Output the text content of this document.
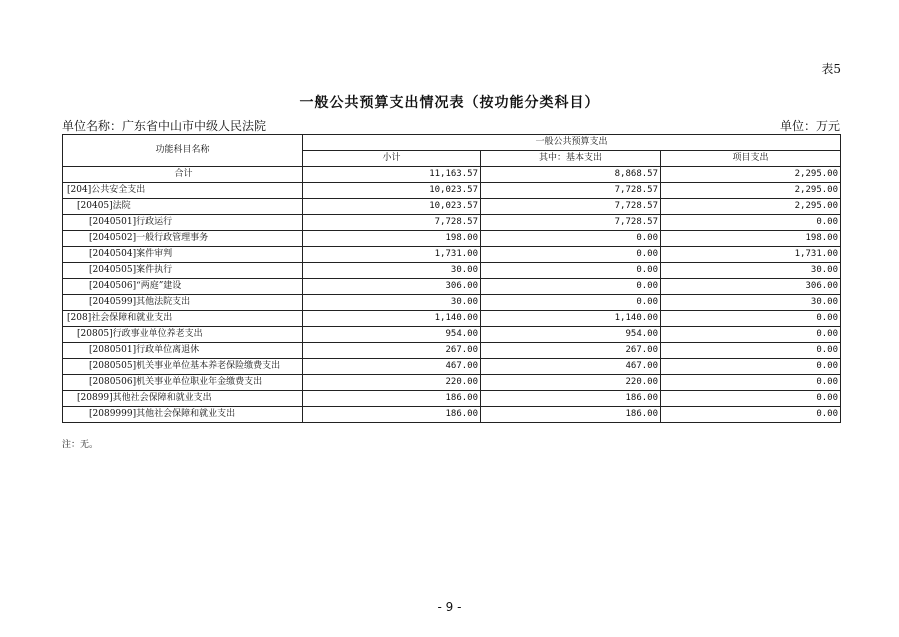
表5
一般公共预算支出情况表（按功能分类科目）
单位名称：广东省中山市中级人民法院	单位：万元
功能科目名称	一般公共预算支出		
	小计	其中：基本支出	项目支出
合计	11,163.57	8,868.57	2,295.00
[204]公共安全支出	10,023.57	7,728.57	2,295.00
[20405]法院	10,023.57	7,728.57	2,295.00
[2040501]行政运行	7,728.57	7,728.57	0.00
[2040502]一般行政管理事务	198.00	0.00	198.00
[2040504]案件审判	1,731.00	0.00	1,731.00
[2040505]案件执行	30.00	0.00	30.00
[2040506]“两庭”建设	306.00	0.00	306.00
[2040599]其他法院支出	30.00	0.00	30.00
[208]社会保障和就业支出	1,140.00	1,140.00	0.00
[20805]行政事业单位养老支出	954.00	954.00	0.00
[2080501]行政单位离退休	267.00	267.00	0.00
[2080505]机关事业单位基本养老保险缴费支出	467.00	467.00	0.00
[2080506]机关事业单位职业年金缴费支出	220.00	220.00	0.00
[20899]其他社会保障和就业支出	186.00	186.00	0.00
[2089999]其他社会保障和就业支出	186.00	186.00	0.00
注：无。
- 9 -
